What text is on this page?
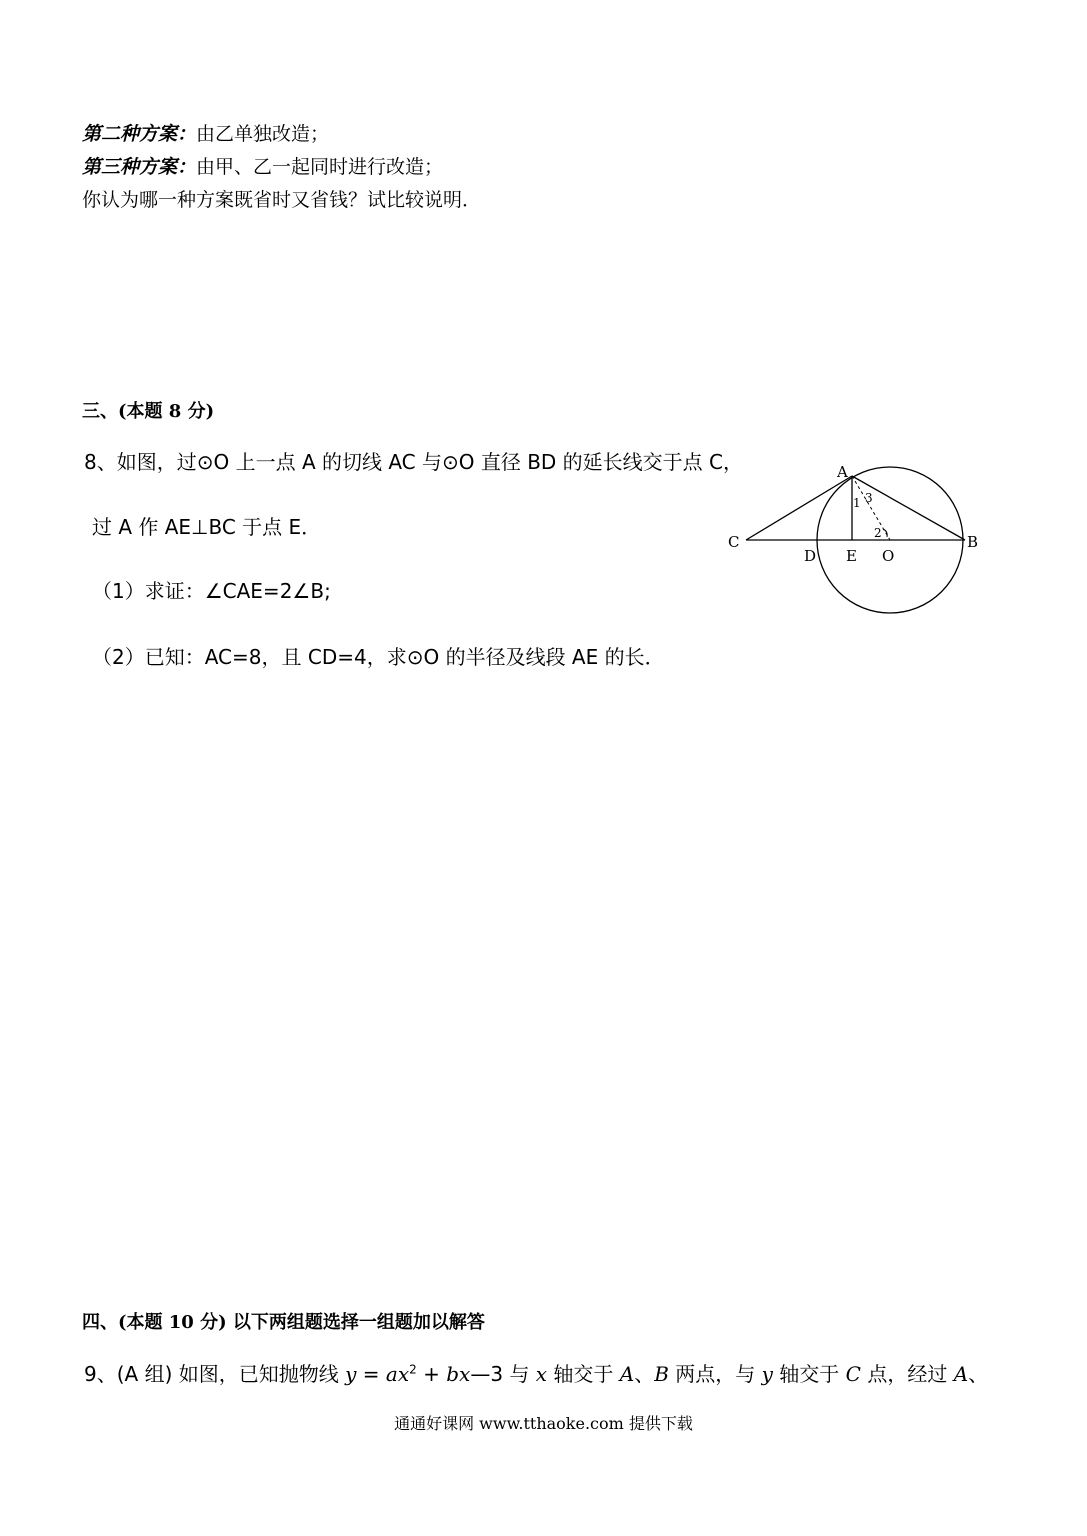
第二种方案：由乙单独改造；
第三种方案：由甲、乙一起同时进行改造；
你认为哪一种方案既省时又省钱？试比较说明．
三、(本题 8 分)
8、如图，过⊙O 上一点 A 的切线 AC 与⊙O 直径 BD 的延长线交于点 C，
过 A 作 AE⊥BC 于点 E．
（1）求证：∠CAE=2∠B;
（2）已知：AC=8，且 CD=4，求⊙O 的半径及线段 AE 的长．
A
B
C
D E O
1 3
2
四、(本题 10 分) 以下两组题选择一组题加以解答
9、(A 组) 如图，已知抛物线 $y = ax^2$ + bx—3 与 x 轴交于 A、B 两点，与 y 轴交于 C 点，经过 A、
通通好课网 www.tthaoke.com 提供下载
